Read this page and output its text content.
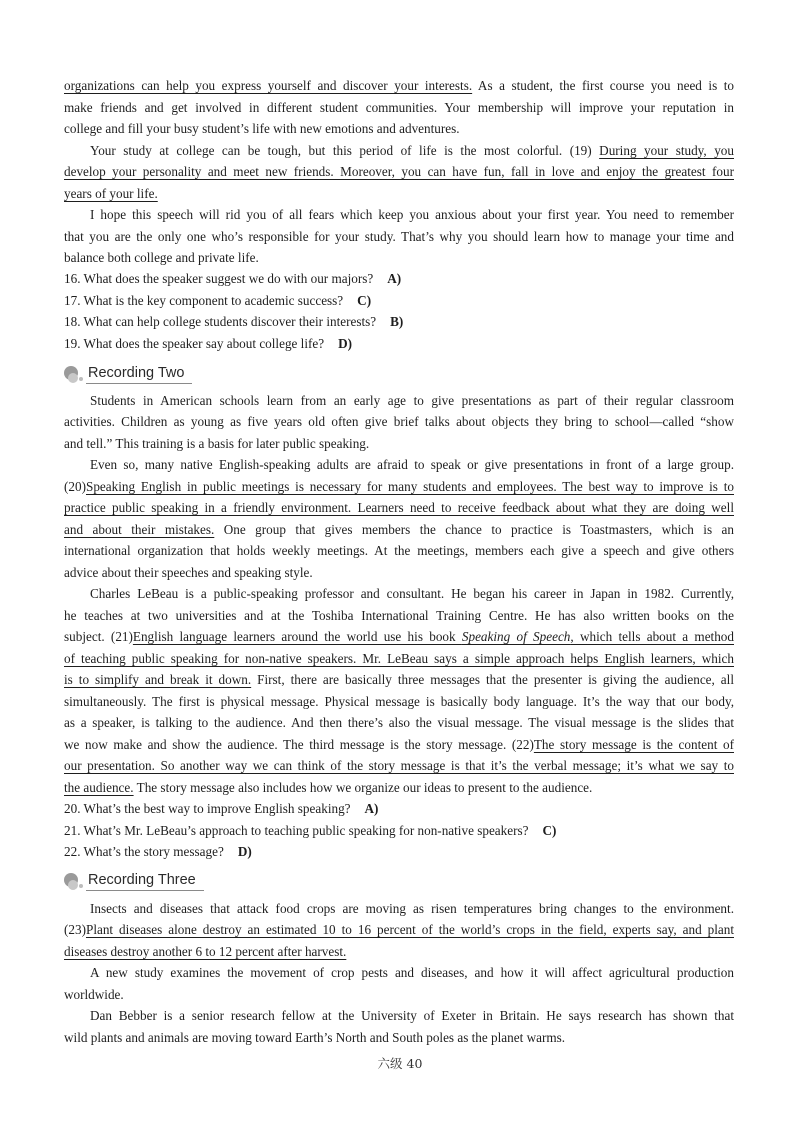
organizations can help you express yourself and discover your interests. As a student, the first course you need is to
make friends and get involved in different student communities. Your membership will improve your reputation in
college and fill your busy student’s life with new emotions and adventures.
Your study at college can be tough, but this period of life is the most colorful. (19) During your study, you
develop your personality and meet new friends. Moreover, you can have fun, fall in love and enjoy the greatest four
years of your life.
I hope this speech will rid you of all fears which keep you anxious about your first year. You need to remember
that you are the only one who’s responsible for your study. That’s why you should learn how to manage your time and
balance both college and private life.
16. What does the speaker suggest we do with our majors? A)
17. What is the key component to academic success? C)
18. What can help college students discover their interests? B)
19. What does the speaker say about college life? D)
Recording Two
Students in American schools learn from an early age to give presentations as part of their regular classroom
activities. Children as young as five years old often give brief talks about objects they bring to school—called “show
and tell.” This training is a basis for later public speaking.
Even so, many native English-speaking adults are afraid to speak or give presentations in front of a large group.
(20)Speaking English in public meetings is necessary for many students and employees. The best way to improve is to
practice public speaking in a friendly environment. Learners need to receive feedback about what they are doing well
and about their mistakes. One group that gives members the chance to practice is Toastmasters, which is an
international organization that holds weekly meetings. At the meetings, members each give a speech and give others
advice about their speeches and speaking style.
Charles LeBeau is a public-speaking professor and consultant. He began his career in Japan in 1982. Currently,
he teaches at two universities and at the Toshiba International Training Centre. He has also written books on the
subject. (21)English language learners around the world use his book Speaking of Speech, which tells about a method
of teaching public speaking for non-native speakers. Mr. LeBeau says a simple approach helps English learners, which
is to simplify and break it down. First, there are basically three messages that the presenter is giving the audience, all
simultaneously. The first is physical message. Physical message is basically body language. It’s the way that our body,
as a speaker, is talking to the audience. And then there’s also the visual message. The visual message is the slides that
we now make and show the audience. The third message is the story message. (22)The story message is the content of
our presentation. So another way we can think of the story message is that it’s the verbal message; it’s what we say to
the audience. The story message also includes how we organize our ideas to present to the audience.
20. What’s the best way to improve English speaking? A)
21. What’s Mr. LeBeau’s approach to teaching public speaking for non-native speakers? C)
22. What’s the story message? D)
Recording Three
Insects and diseases that attack food crops are moving as risen temperatures bring changes to the environment.
(23)Plant diseases alone destroy an estimated 10 to 16 percent of the world’s crops in the field, experts say, and plant
diseases destroy another 6 to 12 percent after harvest.
A new study examines the movement of crop pests and diseases, and how it will affect agricultural production
worldwide.
Dan Bebber is a senior research fellow at the University of Exeter in Britain. He says research has shown that
wild plants and animals are moving toward Earth’s North and South poles as the planet warms.
六级 40
